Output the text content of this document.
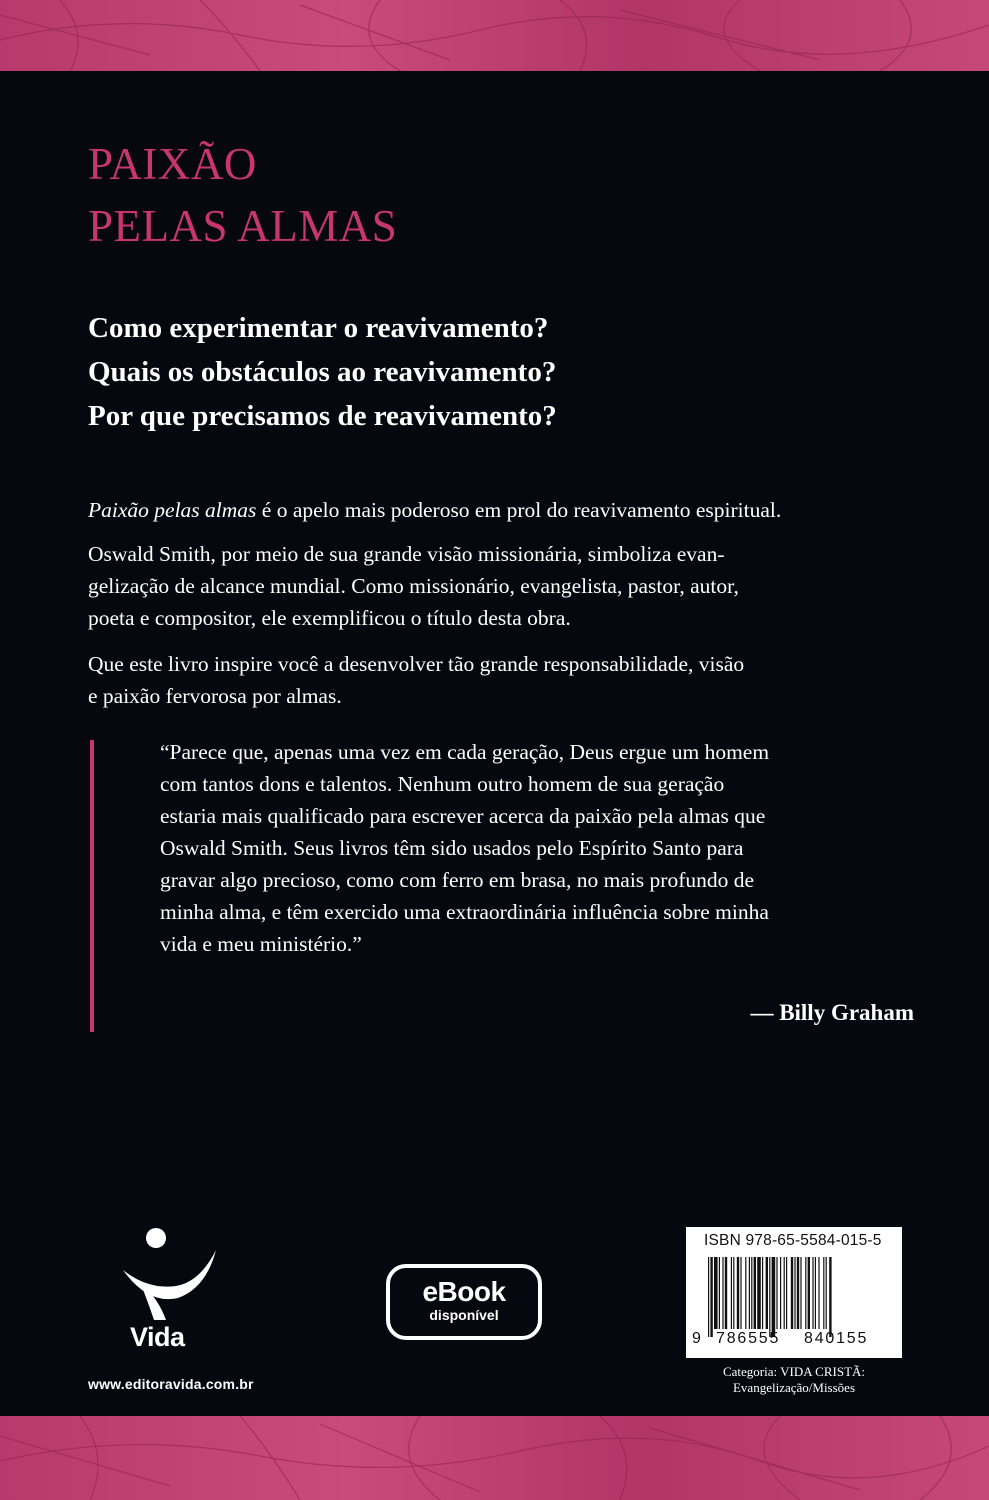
PAIXÃO
PELAS ALMAS
Como experimentar o reavivamento?
Quais os obstáculos ao reavivamento?
Por que precisamos de reavivamento?

Paixão pelas almas é o apelo mais poderoso em prol do reavivamento espiritual.

Oswald Smith, por meio de sua grande visão missionária, simboliza evan-
gelização de alcance mundial. Como missionário, evangelista, pastor, autor,
poeta e compositor, ele exemplificou o título desta obra.
Que este livro inspire você a desenvolver tão grande responsabilidade, visão
e paixão fervorosa por almas.
“Parece que, apenas uma vez em cada geração, Deus ergue um homem
com tantos dons e talentos. Nenhum outro homem de sua geração
estaria mais qualificado para escrever acerca da paixão pela almas que
Oswald Smith. Seus livros têm sido usados pelo Espírito Santo para
gravar algo precioso, como com ferro em brasa, no mais profundo de
minha alma, e têm exercido uma extraordinária influência sobre minha
vida e meu ministério.”
— Billy Graham
Vida
www.editoravida.com.br
eBook
disponível
ISBN 978-65-5584-015-5
9 786555 840155
Categoria: VIDA CRISTÃ:
Evangelização/Missões
